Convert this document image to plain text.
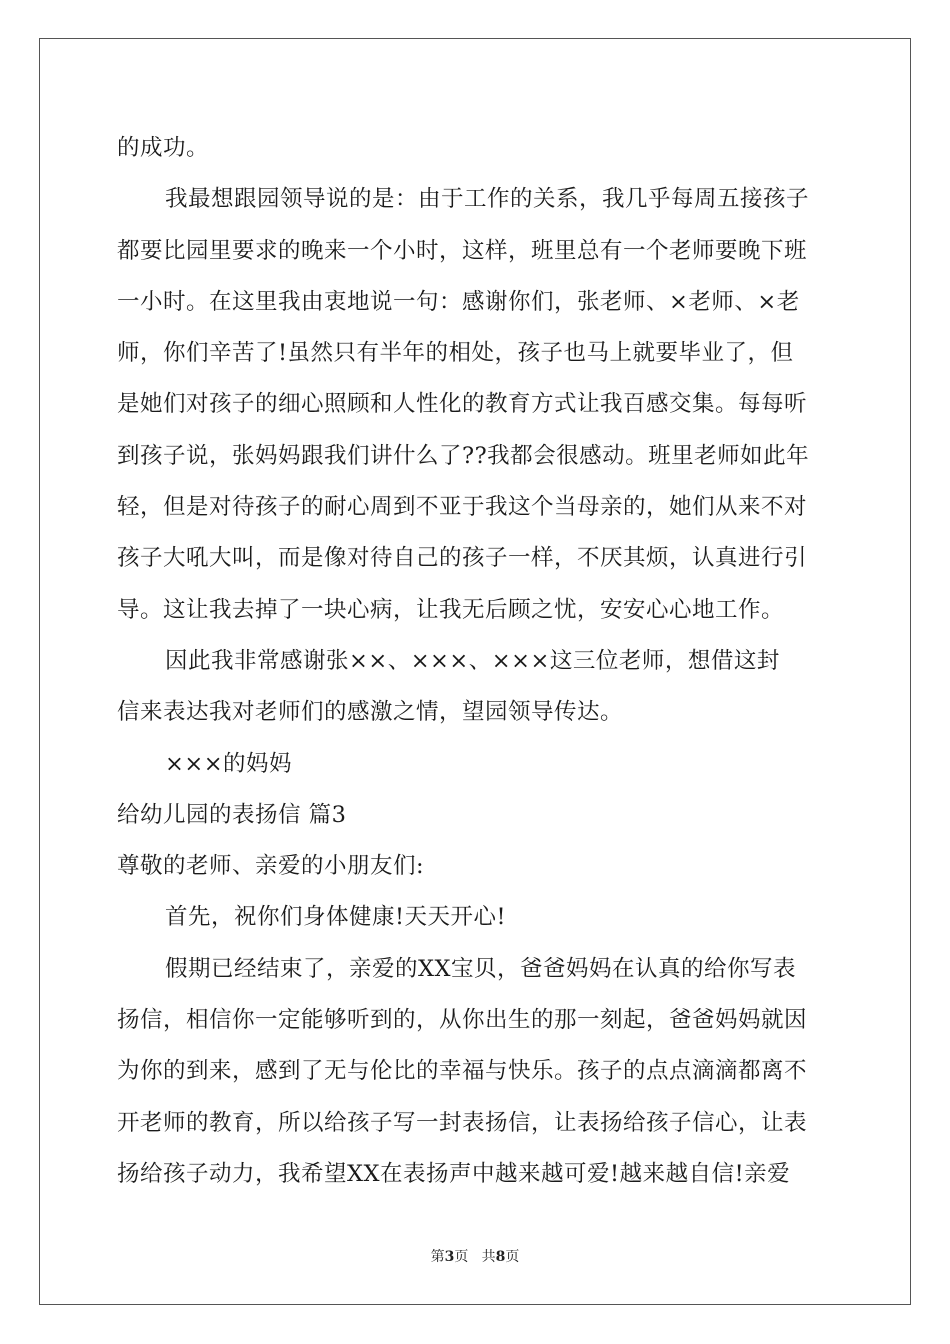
的成功。
我最想跟园领导说的是：由于工作的关系，我几乎每周五接孩子
都要比园里要求的晚来一个小时，这样，班里总有一个老师要晚下班
一小时。在这里我由衷地说一句：感谢你们，张老师、×老师、×老
师，你们辛苦了!虽然只有半年的相处，孩子也马上就要毕业了，但
是她们对孩子的细心照顾和人性化的教育方式让我百感交集。每每听
到孩子说，张妈妈跟我们讲什么了??我都会很感动。班里老师如此年
轻，但是对待孩子的耐心周到不亚于我这个当母亲的，她们从来不对
孩子大吼大叫，而是像对待自己的孩子一样，不厌其烦，认真进行引
导。这让我去掉了一块心病，让我无后顾之忧，安安心心地工作。
因此我非常感谢张××、×××、×××这三位老师，想借这封
信来表达我对老师们的感激之情，望园领导传达。
×××的妈妈
给幼儿园的表扬信 篇3
尊敬的老师、亲爱的小朋友们:
首先，祝你们身体健康!天天开心!
假期已经结束了，亲爱的XX宝贝，爸爸妈妈在认真的给你写表
扬信，相信你一定能够听到的，从你出生的那一刻起，爸爸妈妈就因
为你的到来，感到了无与伦比的幸福与快乐。孩子的点点滴滴都离不
开老师的教育，所以给孩子写一封表扬信，让表扬给孩子信心，让表
扬给孩子动力，我希望XX在表扬声中越来越可爱!越来越自信!亲爱
第3页 共8页
